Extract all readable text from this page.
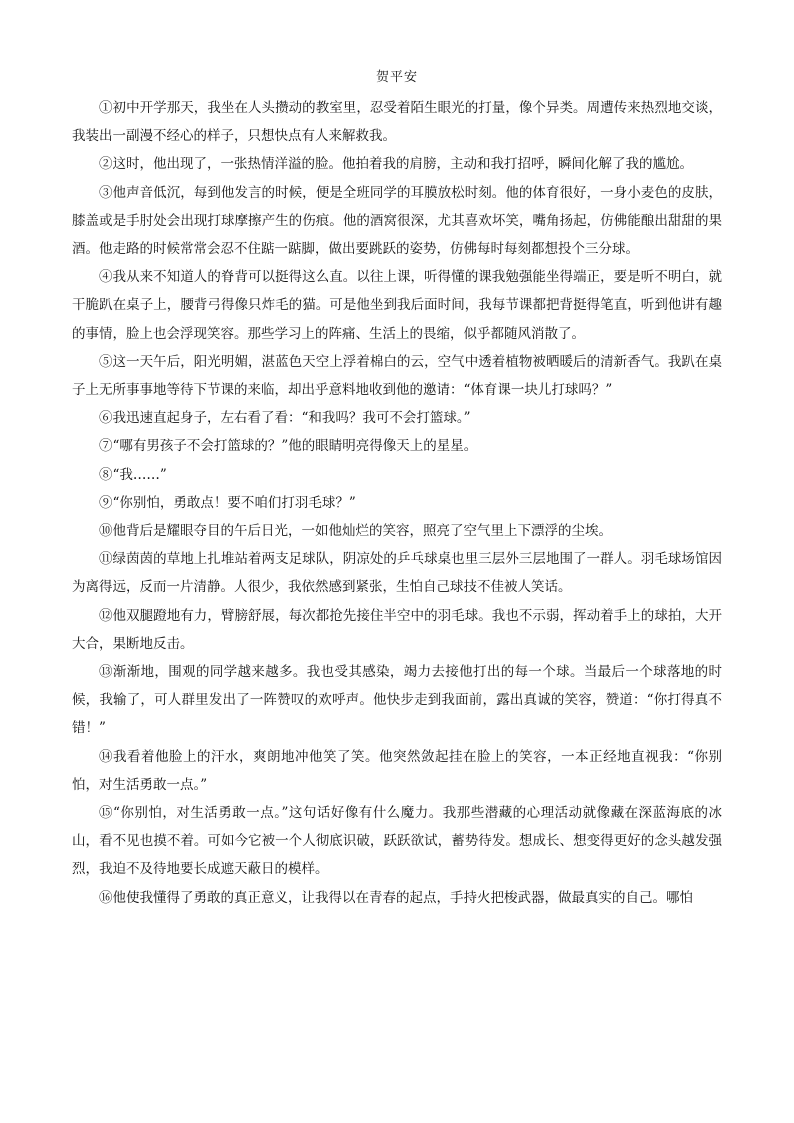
贺平安

①初中开学那天，我坐在人头攒动的教室里，忍受着陌生眼光的打量，像个异类。周遭传来热烈地交谈，我装出一副漫不经心的样子，只想快点有人来解救我。

②这时，他出现了，一张热情洋溢的脸。他拍着我的肩膀，主动和我打招呼，瞬间化解了我的尴尬。

③他声音低沉，每到他发言的时候，便是全班同学的耳膜放松时刻。他的体育很好，一身小麦色的皮肤，膝盖或是手肘处会出现打球摩擦产生的伤痕。他的酒窝很深，尤其喜欢坏笑，嘴角扬起，仿佛能酿出甜甜的果酒。他走路的时候常常会忍不住踮一踮脚，做出要跳跃的姿势，仿佛每时每刻都想投个三分球。

④我从来不知道人的脊背可以挺得这么直。以往上课，听得懂的课我勉强能坐得端正，要是听不明白，就干脆趴在桌子上，腰背弓得像只炸毛的猫。可是他坐到我后面时间，我每节课都把背挺得笔直，听到他讲有趣的事情，脸上也会浮现笑容。那些学习上的阵痛、生活上的畏缩，似乎都随风消散了。

⑤这一天午后，阳光明媚，湛蓝色天空上浮着棉白的云，空气中透着植物被晒暖后的清新香气。我趴在桌子上无所事事地等待下节课的来临，却出乎意料地收到他的邀请：“体育课一块儿打球吗？”

⑥我迅速直起身子，左右看了看：“和我吗？我可不会打篮球。”

⑦“哪有男孩子不会打篮球的？”他的眼睛明亮得像天上的星星。

⑧“我……”

⑨“你别怕，勇敢点！要不咱们打羽毛球？”

⑩他背后是耀眼夺目的午后日光，一如他灿烂的笑容，照亮了空气里上下漂浮的尘埃。

⑪绿茵茵的草地上扎堆站着两支足球队，阴凉处的乒乓球桌也里三层外三层地围了一群人。羽毛球场馆因为离得远，反而一片清静。人很少，我依然感到紧张，生怕自己球技不佳被人笑话。

⑫他双腿蹬地有力，臂膀舒展，每次都抢先接住半空中的羽毛球。我也不示弱，挥动着手上的球拍，大开大合，果断地反击。

⑬渐渐地，围观的同学越来越多。我也受其感染，竭力去接他打出的每一个球。当最后一个球落地的时候，我输了，可人群里发出了一阵赞叹的欢呼声。他快步走到我面前，露出真诚的笑容，赞道：“你打得真不错！”

⑭我看着他脸上的汗水，爽朗地冲他笑了笑。他突然敛起挂在脸上的笑容，一本正经地直视我：“你别怕，对生活勇敢一点。”

⑮“你别怕，对生活勇敢一点。”这句话好像有什么魔力。我那些潜藏的心理活动就像藏在深蓝海底的冰山，看不见也摸不着。可如今它被一个人彻底识破，跃跃欲试，蓄势待发。想成长、想变得更好的念头越发强烈，我迫不及待地要长成遮天蔽日的模样。

⑯他使我懂得了勇敢的真正意义，让我得以在青春的起点，手持火把梭武器，做最真实的自己。哪怕
